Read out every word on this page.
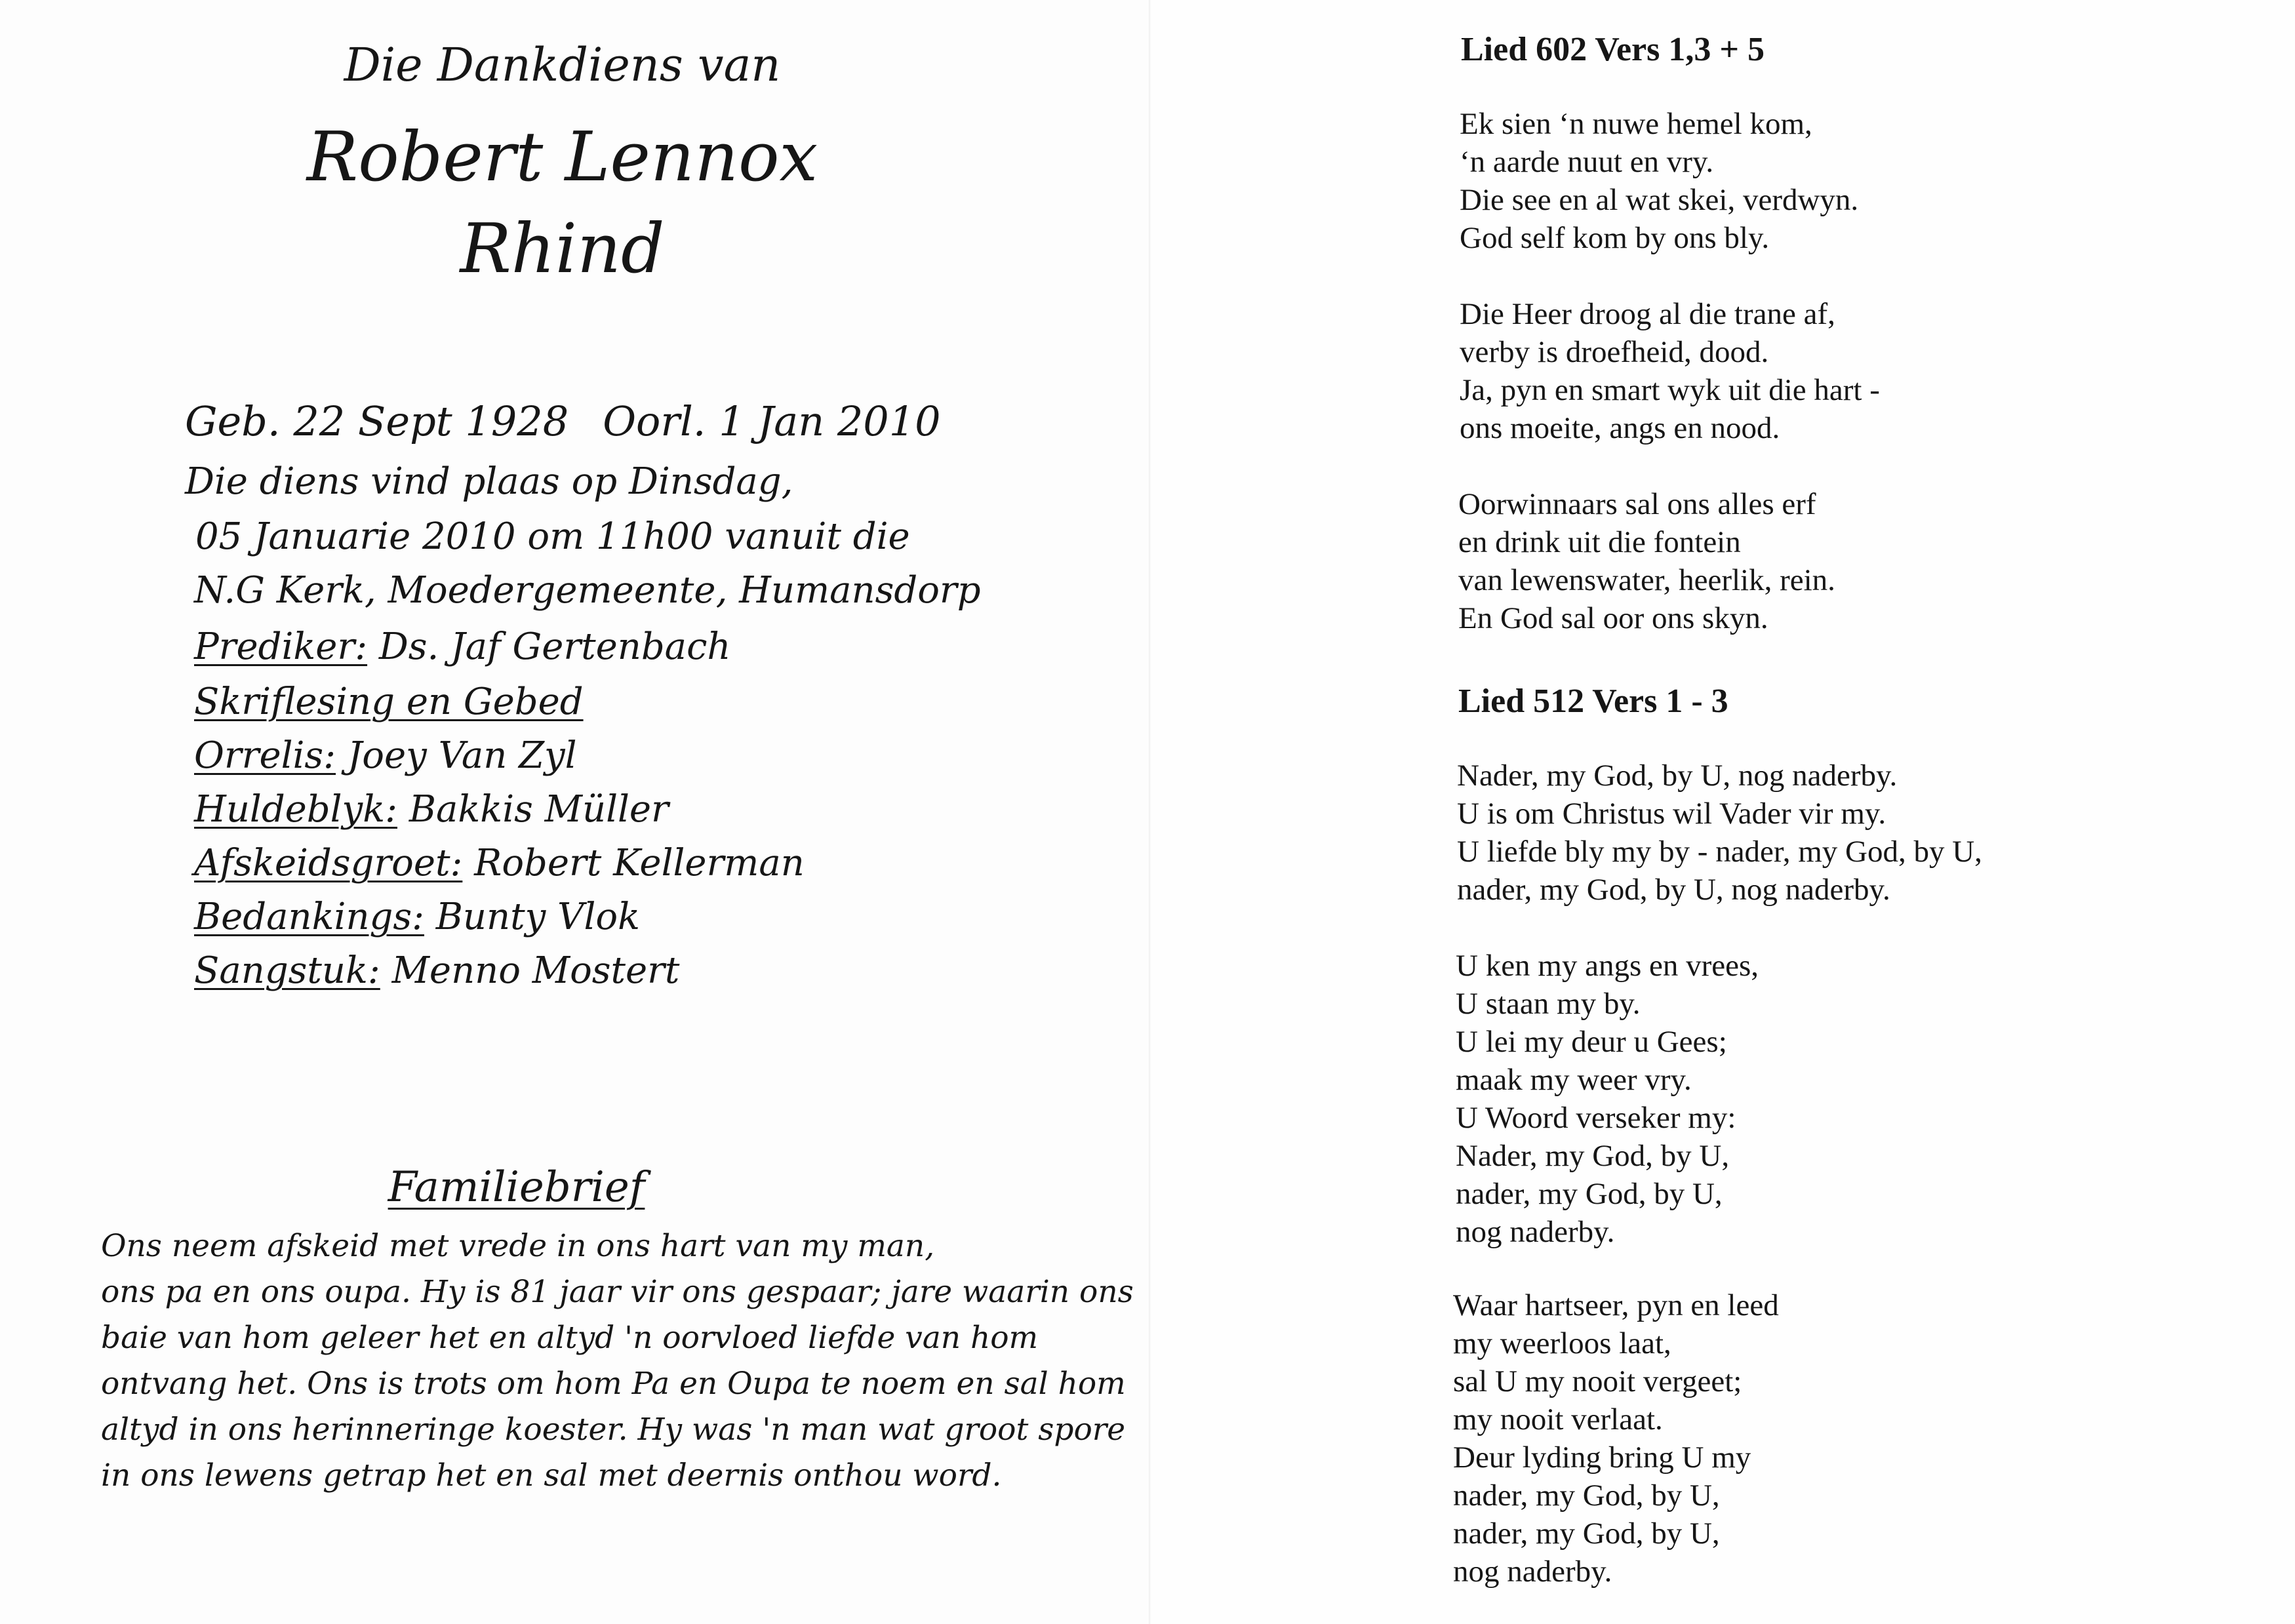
Die Dankdiens van
Robert Lennox
Rhind
Geb. 22 Sept 1928 Oorl. 1 Jan 2010
Die diens vind plaas op Dinsdag,
05 Januarie 2010 om 11h00 vanuit die
N.G Kerk, Moedergemeente, Humansdorp
Prediker: Ds. Jaf Gertenbach
Skriflesing en Gebed
Orrelis: Joey Van Zyl
Huldeblyk: Bakkis Müller
Afskeidsgroet: Robert Kellerman
Bedankings: Bunty Vlok
Sangstuk: Menno Mostert
Familiebrief
Ons neem afskeid met vrede in ons hart van my man,
ons pa en ons oupa. Hy is 81 jaar vir ons gespaar; jare waarin ons
baie van hom geleer het en altyd 'n oorvloed liefde van hom
ontvang het. Ons is trots om hom Pa en Oupa te noem en sal hom
altyd in ons herinneringe koester. Hy was 'n man wat groot spore
in ons lewens getrap het en sal met deernis onthou word.
Lied 602 Vers 1,3 + 5
Ek sien ‘n nuwe hemel kom,
‘n aarde nuut en vry.
Die see en al wat skei, verdwyn.
God self kom by ons bly.
Die Heer droog al die trane af,
verby is droefheid, dood.
Ja, pyn en smart wyk uit die hart -
ons moeite, angs en nood.
Oorwinnaars sal ons alles erf
en drink uit die fontein
van lewenswater, heerlik, rein.
En God sal oor ons skyn.
Lied 512 Vers 1 - 3
Nader, my God, by U, nog naderby.
U is om Christus wil Vader vir my.
U liefde bly my by - nader, my God, by U,
nader, my God, by U, nog naderby.
U ken my angs en vrees,
U staan my by.
U lei my deur u Gees;
maak my weer vry.
U Woord verseker my:
Nader, my God, by U,
nader, my God, by U,
nog naderby.
Waar hartseer, pyn en leed
my weerloos laat,
sal U my nooit vergeet;
my nooit verlaat.
Deur lyding bring U my
nader, my God, by U,
nader, my God, by U,
nog naderby.
